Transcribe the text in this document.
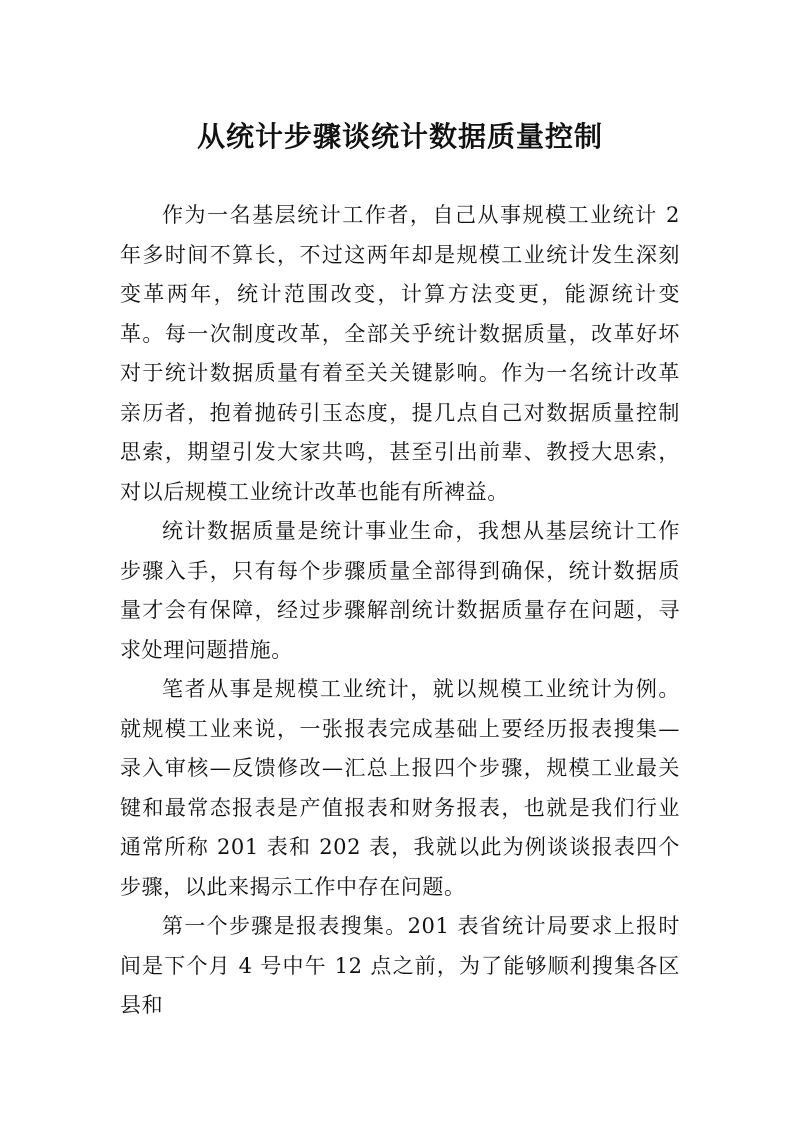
从统计步骤谈统计数据质量控制

作为一名基层统计工作者，自己从事规模工业统计 2 年多时间不算长，不过这两年却是规模工业统计发生深刻变革两年，统计范围改变，计算方法变更，能源统计变革。每一次制度改革，全部关乎统计数据质量，改革好坏对于统计数据质量有着至关关键影响。作为一名统计改革亲历者，抱着抛砖引玉态度，提几点自己对数据质量控制思索，期望引发大家共鸣，甚至引出前辈、教授大思索，对以后规模工业统计改革也能有所裨益。

统计数据质量是统计事业生命，我想从基层统计工作步骤入手，只有每个步骤质量全部得到确保，统计数据质量才会有保障，经过步骤解剖统计数据质量存在问题，寻求处理问题措施。

笔者从事是规模工业统计，就以规模工业统计为例。就规模工业来说，一张报表完成基础上要经历报表搜集—录入审核—反馈修改—汇总上报四个步骤，规模工业最关键和最常态报表是产值报表和财务报表，也就是我们行业通常所称 201 表和 202 表，我就以此为例谈谈报表四个步骤，以此来揭示工作中存在问题。

第一个步骤是报表搜集。201 表省统计局要求上报时间是下个月 4 号中午 12 点之前，为了能够顺利搜集各区县和
